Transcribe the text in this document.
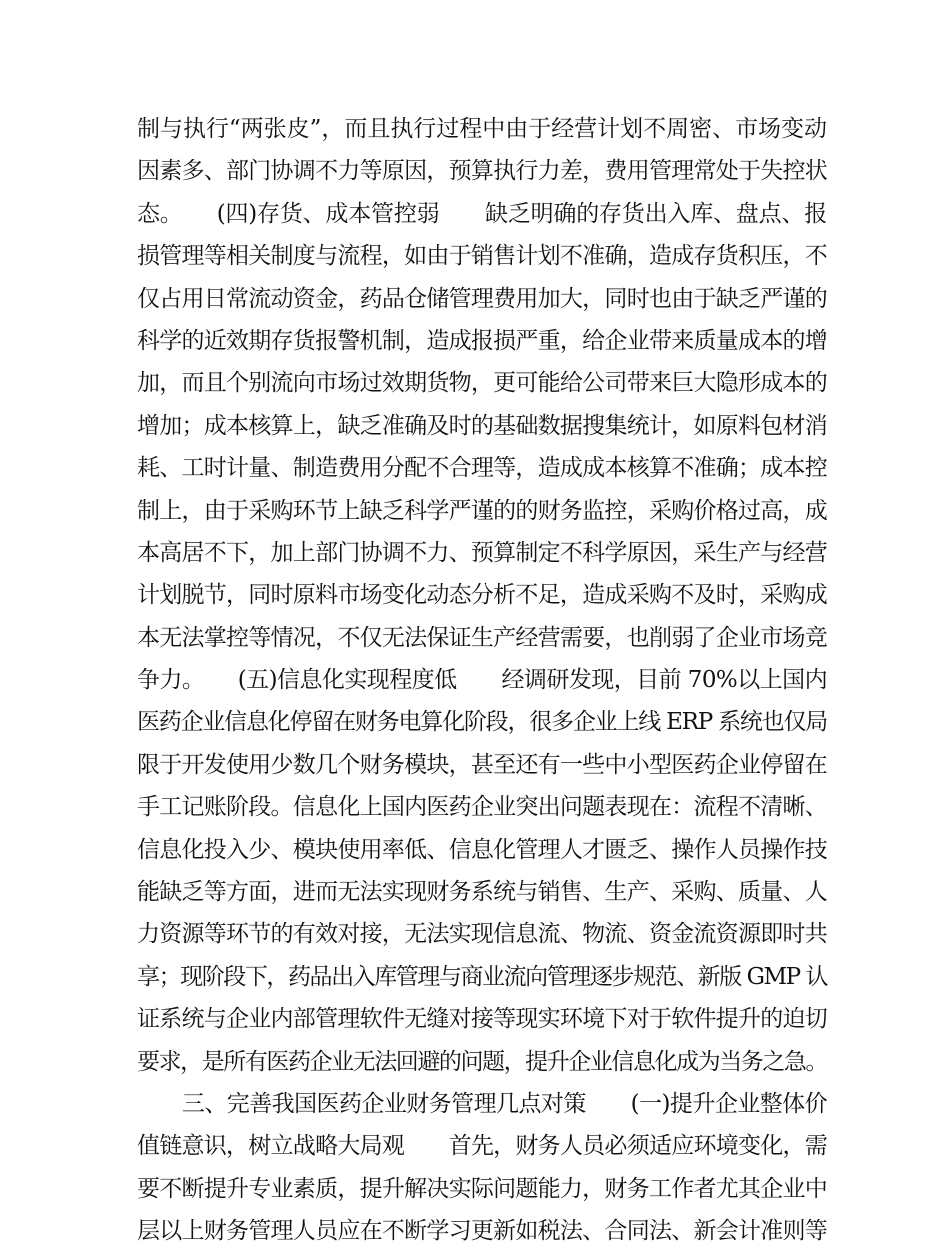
制与执行“两张皮”，而且执行过程中由于经营计划不周密、市场变动
因素多、部门协调不力等原因，预算执行力差，费用管理常处于失控状
态。　　(四)存货、成本管控弱　　缺乏明确的存货出入库、盘点、报
损管理等相关制度与流程，如由于销售计划不准确，造成存货积压，不
仅占用日常流动资金，药品仓储管理费用加大，同时也由于缺乏严谨的
科学的近效期存货报警机制，造成报损严重，给企业带来质量成本的增
加，而且个别流向市场过效期货物，更可能给公司带来巨大隐形成本的
增加；成本核算上，缺乏准确及时的基础数据搜集统计，如原料包材消
耗、工时计量、制造费用分配不合理等，造成成本核算不准确；成本控
制上，由于采购环节上缺乏科学严谨的的财务监控，采购价格过高，成
本高居不下，加上部门协调不力、预算制定不科学原因，采生产与经营
计划脱节，同时原料市场变化动态分析不足，造成采购不及时，采购成
本无法掌控等情况，不仅无法保证生产经营需要，也削弱了企业市场竞
争力。　　(五)信息化实现程度低　　经调研发现，目前 70%以上国内
医药企业信息化停留在财务电算化阶段，很多企业上线 ERP 系统也仅局
限于开发使用少数几个财务模块，甚至还有一些中小型医药企业停留在
手工记账阶段。信息化上国内医药企业突出问题表现在：流程不清晰、
信息化投入少、模块使用率低、信息化管理人才匮乏、操作人员操作技
能缺乏等方面，进而无法实现财务系统与销售、生产、采购、质量、人
力资源等环节的有效对接，无法实现信息流、物流、资金流资源即时共
享；现阶段下，药品出入库管理与商业流向管理逐步规范、新版 GMP 认
证系统与企业内部管理软件无缝对接等现实环境下对于软件提升的迫切
要求，是所有医药企业无法回避的问题，提升企业信息化成为当务之急。
　　三、完善我国医药企业财务管理几点对策　　(一)提升企业整体价
值链意识，树立战略大局观　　首先，财务人员必须适应环境变化，需
要不断提升专业素质，提升解决实际问题能力，财务工作者尤其企业中
层以上财务管理人员应在不断学习更新如税法、合同法、新会计准则等
